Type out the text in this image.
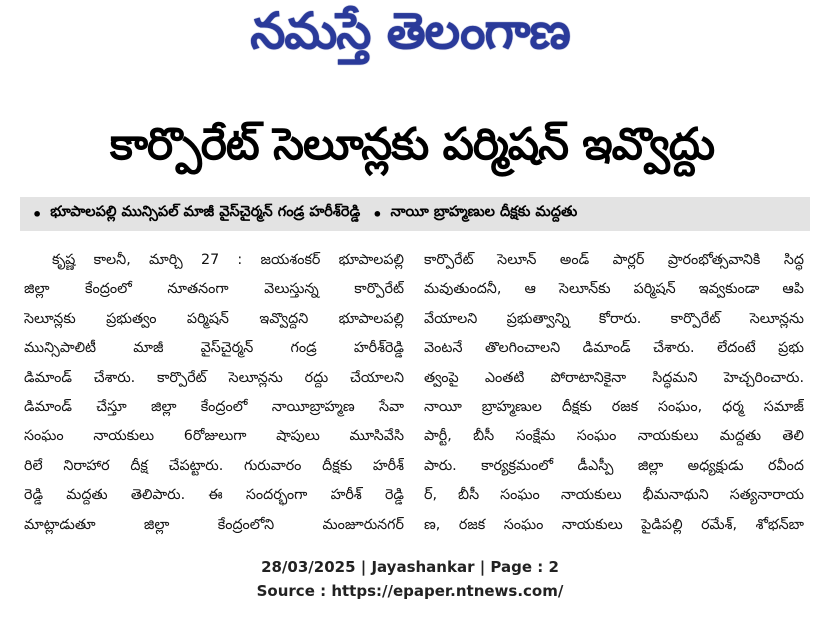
నమస్తే తెలంగాణ
కార్పొరేట్ సెలూన్లకు పర్మిషన్ ఇవ్వొద్దు
• భూపాలపల్లి మున్సిపల్ మాజీ వైస్‌చైర్మన్ గండ్ర హరీశ్‌రెడ్డి • నాయీ బ్రాహ్మణుల దీక్షకు మద్దతు
కృష్ణ కాలనీ, మార్చి 27 : జయశంకర్ భూపాలపల్లి
జిల్లా కేంద్రంలో నూతనంగా వెలుస్తున్న కార్పొరేట్
సెలూన్లకు ప్రభుత్వం పర్మిషన్ ఇవ్వొద్దని భూపాలపల్లి
మున్సిపాలిటీ మాజీ వైస్‌చైర్మన్ గండ్ర హరీశ్‌రెడ్డి
డిమాండ్ చేశారు. కార్పొరేట్ సెలూన్లను రద్దు చేయాలని
డిమాండ్ చేస్తూ జిల్లా కేంద్రంలో నాయీబ్రాహ్మణ సేవా
సంఘం నాయకులు 6రోజులుగా షాపులు మూసివేసి
రిలే నిరాహార దీక్ష చేపట్టారు. గురువారం దీక్షకు హరీశ్
రెడ్డి మద్దతు తెలిపారు. ఈ సందర్భంగా హరీశ్ రెడ్డి
మాట్లాడుతూ జిల్లా కేంద్రంలోని మంజూరునగర్
కార్పొరేట్ సెలూన్ అండ్ పార్లర్ ప్రారంభోత్సవానికి సిద్ధ
మవుతుందనీ, ఆ సెలూన్‌కు పర్మిషన్ ఇవ్వకుండా ఆపి
వేయాలని ప్రభుత్వాన్ని కోరారు. కార్పొరేట్ సెలూన్లను
వెంటనే తొలగించాలని డిమాండ్ చేశారు. లేదంటే ప్రభు
త్వంపై ఎంతటి పోరాటానికైనా సిద్ధమని హెచ్చరించారు.
నాయీ బ్రాహ్మణుల దీక్షకు రజక సంఘం, ధర్మ సమాజ్
పార్టీ, బీసీ సంక్షేమ సంఘం నాయకులు మద్దతు తెలి
పారు. కార్యక్రమంలో డీఎస్పీ జిల్లా అధ్యక్షుడు రవీంద
ర్, బీసీ సంఘం నాయకులు భీమనాథుని సత్యనారాయ
ణ, రజక సంఘం నాయకులు పైడిపల్లి రమేశ్, శోభన్‌బా
28/03/2025 | Jayashankar | Page : 2
Source : https://epaper.ntnews.com/
